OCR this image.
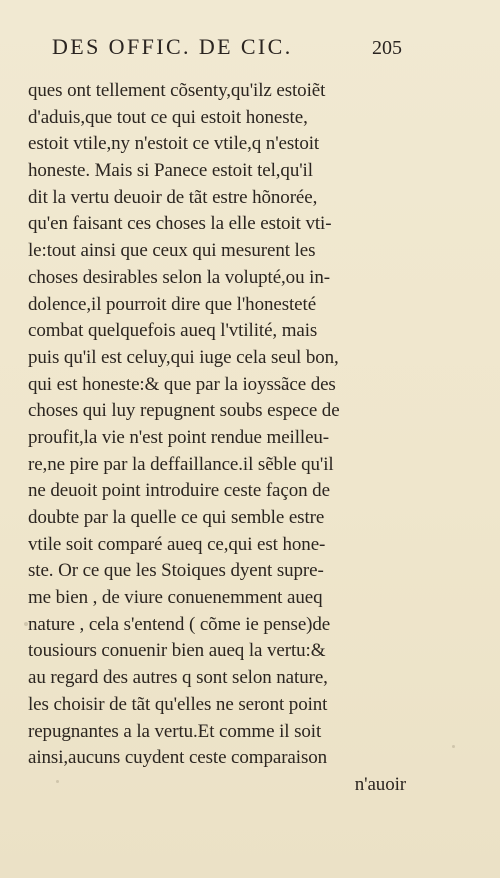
DES OFFIC. DE CIC.	205
ques ont tellement cõsenty,qu'ilz estoiẽt
d'aduis,que tout ce qui estoit honeste,
estoit vtile,ny n'estoit ce vtile,q n'estoit
honeste. Mais si Panece estoit tel,qu'il
dit la vertu deuoir de tãt estre hõnorée,
qu'en faisant ces choses la elle estoit vti-
le:tout ainsi que ceux qui mesurent les
choses desirables selon la volupté,ou in-
dolence,il pourroit dire que l'honesteté
combat quelquefois aueq l'vtilité, mais
puis qu'il est celuy,qui iuge cela seul bon,
qui est honeste:& que par la ioyssãce des
choses qui luy repugnent soubs espece de
proufit,la vie n'est point rendue meilleu-
re,ne pire par la deffaillance.il sẽble qu'il
ne deuoit point introduire ceste façon de
doubte par la quelle ce qui semble estre
vtile soit comparé aueq ce,qui est hone-
ste. Or ce que les Stoiques dyent supre-
me bien , de viure conuenemment aueq
nature , cela s'entend ( cõme ie pense)de
tousiours conuenir bien aueq la vertu:&
au regard des autres q sont selon nature,
les choisir de tãt qu'elles ne seront point
repugnantes a la vertu.Et comme il soit
ainsi,aucuns cuydent ceste comparaison
n'auoir
